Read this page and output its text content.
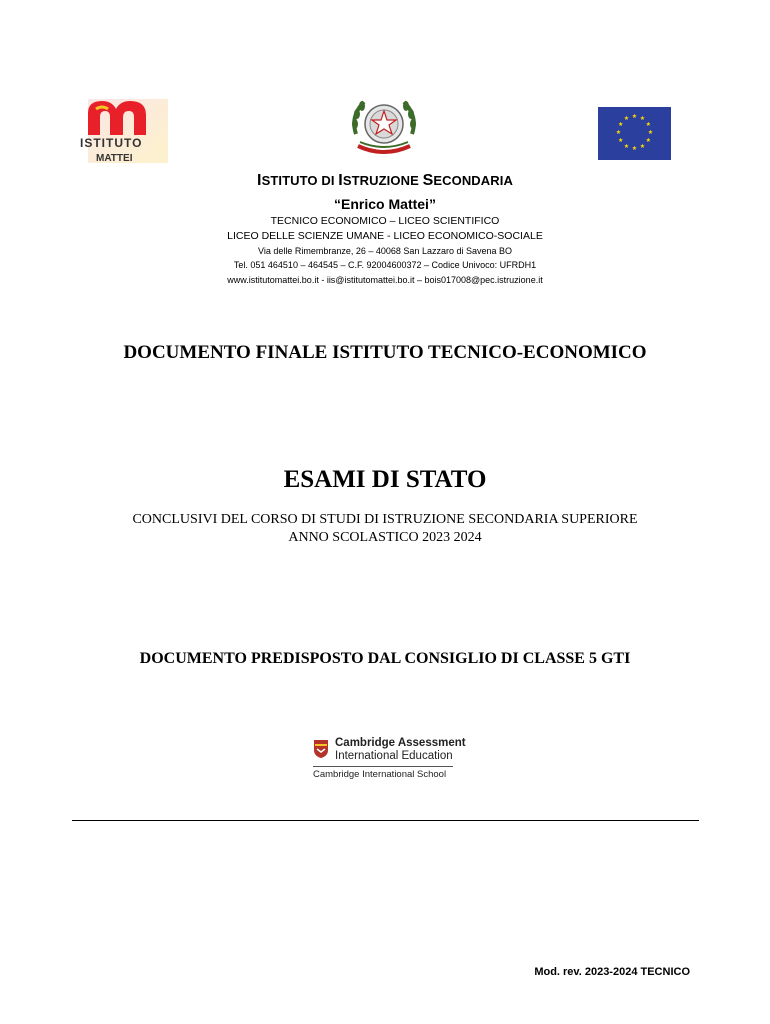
ISTITUTO
MATTEI
★ ★
★
★
★
★
★
★
★
★
★
★
ISTITUTO DI ISTRUZIONE SECONDARIA
“Enrico Mattei”
TECNICO ECONOMICO – LICEO SCIENTIFICO
LICEO DELLE SCIENZE UMANE - LICEO ECONOMICO-SOCIALE
Via delle Rimembranze, 26 – 40068 San Lazzaro di Savena BO
Tel. 051 464510 – 464545 – C.F. 92004600372 – Codice Univoco: UFRDH1
www.istitutomattei.bo.it - iis@istitutomattei.bo.it – bois017008@pec.istruzione.it
DOCUMENTO FINALE ISTITUTO TECNICO-ECONOMICO
ESAMI DI STATO
CONCLUSIVI DEL CORSO DI STUDI DI ISTRUZIONE SECONDARIA SUPERIORE
ANNO SCOLASTICO 2023 2024
DOCUMENTO PREDISPOSTO DAL CONSIGLIO DI CLASSE 5 GTI
Cambridge Assessment
International Education
Cambridge International School
Mod. rev. 2023-2024 TECNICO
